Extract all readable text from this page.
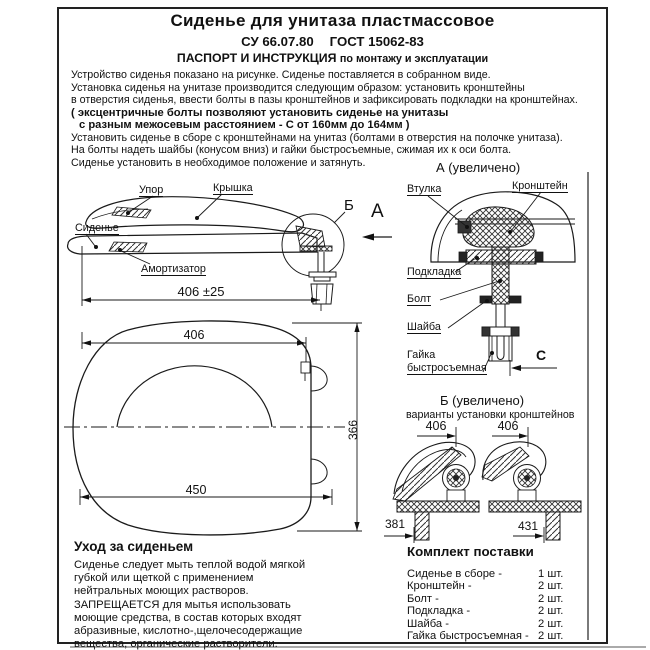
Сиденье для унитаза пластмассовое
СУ 66.07.80 ГОСТ 15062-83
ПАСПОРТ И ИНСТРУКЦИЯ по монтажу и эксплуатации
Устройство сиденья показано на рисунке. Сиденье поставляется в собранном виде.
Установка сиденья на унитазе производится следующим образом: установить кронштейны
в отверстия сиденья, ввести болты в пазы кронштейнов и зафиксировать подкладки на кронштейнах.
( эксцентричные болты позволяют установить сиденье на унитазы
с разным межосевым расстоянием - С от 160мм до 164мм )
Установить сиденье в сборе с кронштейнами на унитаз (болтами в отверстия на полочке унитаза).
На болты надеть шайбы (конусом вниз) и гайки быстросъемные, сжимая их к оси болта.
Сиденье установить в необходимое положение и затянуть.
Упор	Крышка
Сиденье
Амортизатор
Б А
406 ±25
406
450
366
А (увеличено)
Втулка	Кронштейн
Подкладка
Болт
Шайба
Гайка
быстросъемная
С
Б (увеличено)
варианты установки кронштейнов
406	406
381	431
Уход за сиденьем
Сиденье следует мыть теплой водой мягкой
губкой или щеткой с применением
нейтральных моющих растворов.
ЗАПРЕЩАЕТСЯ для мытья использовать
моющие средства, в состав которых входят
абразивные, кислотно-,щелочесодержащие
вещества, органические растворители.
Комплект поставки
Сиденье в сборе -	1 шт.
Кронштейн -	2 шт.
Болт -	2 шт.
Подкладка -	2 шт.
Шайба -	2 шт.
Гайка быстросъемная - 2 шт.
